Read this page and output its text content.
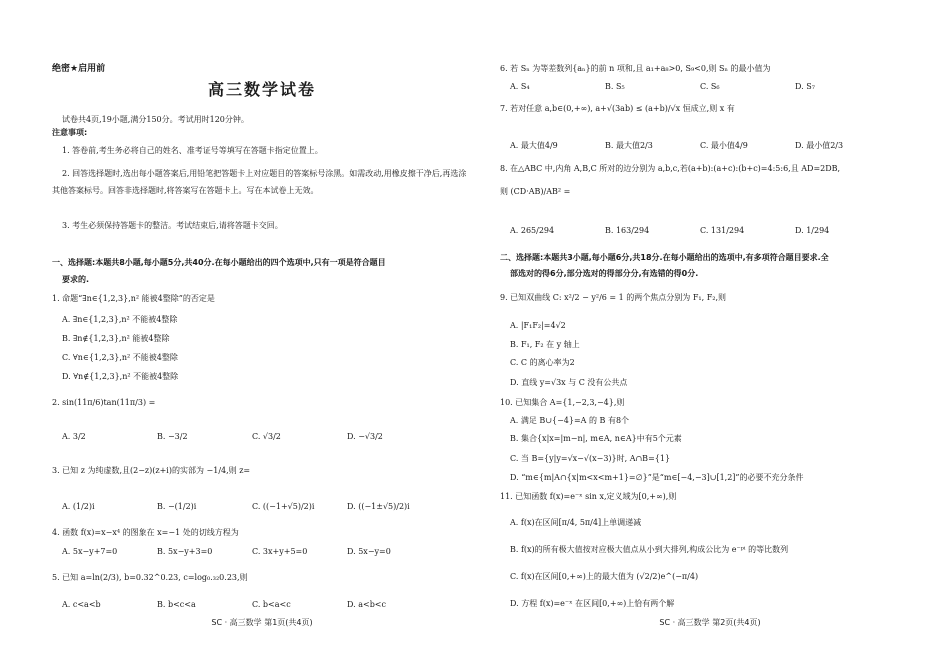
绝密★启用前
高三数学试卷
试卷共4页,19小题,满分150分。考试用时120分钟。
注意事项:
1. 答卷前,考生务必将自己的姓名、准考证号等填写在答题卡指定位置上。
2. 回答选择题时,选出每小题答案后,用铅笔把答题卡上对应题目的答案标号涂黑。如需改动,用橡皮擦干净后,再选涂其他答案标号。回答非选择题时,将答案写在答题卡上。写在本试卷上无效。
3. 考生必须保持答题卡的整洁。考试结束后,请将答题卡交回。
一、选择题:本题共8小题,每小题5分,共40分.在每小题给出的四个选项中,只有一项是符合题目
要求的.
1. 命题“∃n∈{1,2,3},n² 能被4整除”的否定是
A. ∃n∈{1,2,3},n² 不能被4整除
B. ∃n∉{1,2,3},n² 能被4整除
C. ∀n∈{1,2,3},n² 不能被4整除
D. ∀n∉{1,2,3},n² 不能被4整除
2. sin(11π/6)tan(11π/3) =
A. 3/2	B. −3/2	C. √3/2	D. −√3/2
3. 已知 z 为纯虚数,且(2−z)(z+i)的实部为 −1/4,则 z=
A. (1/2)i	B. −(1/2)i	C. ((−1+√5)/2)i	D. ((−1±√5)/2)i
4. 函数 f(x)=x−x⁴ 的图象在 x=−1 处的切线方程为
A. 5x−y+7=0	B. 5x−y+3=0	C. 3x+y+5=0	D. 5x−y=0
5. 已知 a=ln(2/3), b=0.32^0.23, c=log₀.₃₂0.23,则
A. c<a<b	B. b<c<a	C. b<a<c	D. a<b<c
SC · 高三数学 第1页(共4页)
6. 若 Sₙ 为等差数列{aₙ}的前 n 项和,且 a₁+a₈>0, S₉<0,则 Sₙ 的最小值为
A. S₄	B. S₅	C. S₆	D. S₇
7. 若对任意 a,b∈(0,+∞), a+√(3ab) ≤ (a+b)/√x 恒成立,则 x 有
A. 最大值4/9	B. 最大值2/3	C. 最小值4/9	D. 最小值2/3
8. 在△ABC 中,内角 A,B,C 所对的边分别为 a,b,c,若(a+b):(a+c):(b+c)=4:5:6,且 AD=2DB,
则 (CD·AB)/AB² =
A. 265/294	B. 163/294	C. 131/294	D. 1/294
二、选择题:本题共3小题,每小题6分,共18分.在每小题给出的选项中,有多项符合题目要求.全
部选对的得6分,部分选对的得部分分,有选错的得0分.
9. 已知双曲线 C: x²/2 − y²/6 = 1 的两个焦点分别为 F₁, F₂,则
A. |F₁F₂|=4√2
B. F₁, F₂ 在 y 轴上
C. C 的离心率为2
D. 直线 y=√3x 与 C 没有公共点
10. 已知集合 A={1,−2,3,−4},则
A. 满足 B∪{−4}=A 的 B 有8个
B. 集合{x|x=|m−n|, m∈A, n∈A}中有5个元素
C. 当 B={y|y=√x−√(x−3)}时, A∩B={1}
D. “m∈{m|A∩{x|m<x<m+1}=∅}”是“m∈[−4,−3]∪[1,2]”的必要不充分条件
11. 已知函数 f(x)=e⁻ˣ sin x,定义域为[0,+∞),则
A. f(x)在区间[π/4, 5π/4]上单调递减
B. f(x)的所有极大值按对应极大值点从小到大排列,构成公比为 e⁻ᵖⁱ 的等比数列
C. f(x)在区间[0,+∞)上的最大值为 (√2/2)e^(−π/4)
D. 方程 f(x)=e⁻ˣ 在区间[0,+∞)上恰有两个解
SC · 高三数学 第2页(共4页)
